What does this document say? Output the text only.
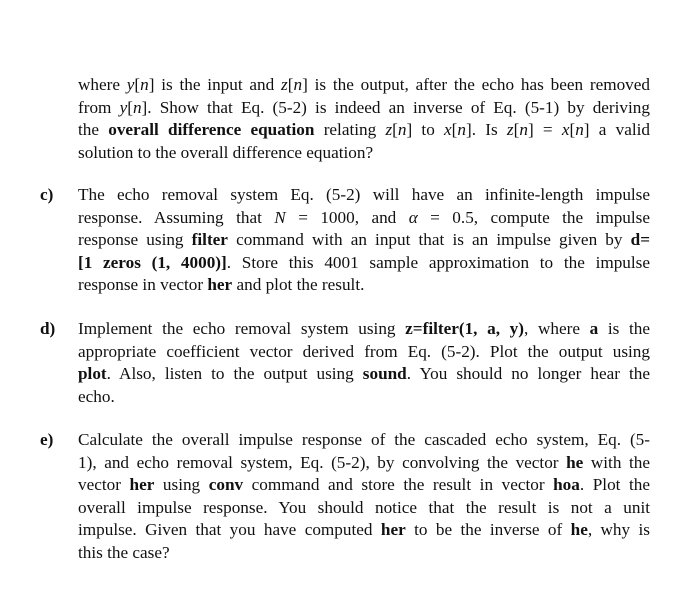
where y[n] is the input and z[n] is the output, after the echo has been removed
from y[n]. Show that Eq. (5-2) is indeed an inverse of Eq. (5-1) by deriving
the overall difference equation relating z[n] to x[n]. Is z[n] = x[n] a valid
solution to the overall difference equation?
c)	The echo removal system Eq. (5-2) will have an infinite-length impulse
response. Assuming that N = 1000, and α = 0.5, compute the impulse
response using filter command with an input that is an impulse given by d=
[1 zeros (1, 4000)]. Store this 4001 sample approximation to the impulse
response in vector her and plot the result.
d)	Implement the echo removal system using z=filter(1, a, y), where a is the
appropriate coefficient vector derived from Eq. (5-2). Plot the output using
plot. Also, listen to the output using sound. You should no longer hear the
echo.
e)	Calculate the overall impulse response of the cascaded echo system, Eq. (5-
1), and echo removal system, Eq. (5-2), by convolving the vector he with the
vector her using conv command and store the result in vector hoa. Plot the
overall impulse response. You should notice that the result is not a unit
impulse. Given that you have computed her to be the inverse of he, why is
this the case?
